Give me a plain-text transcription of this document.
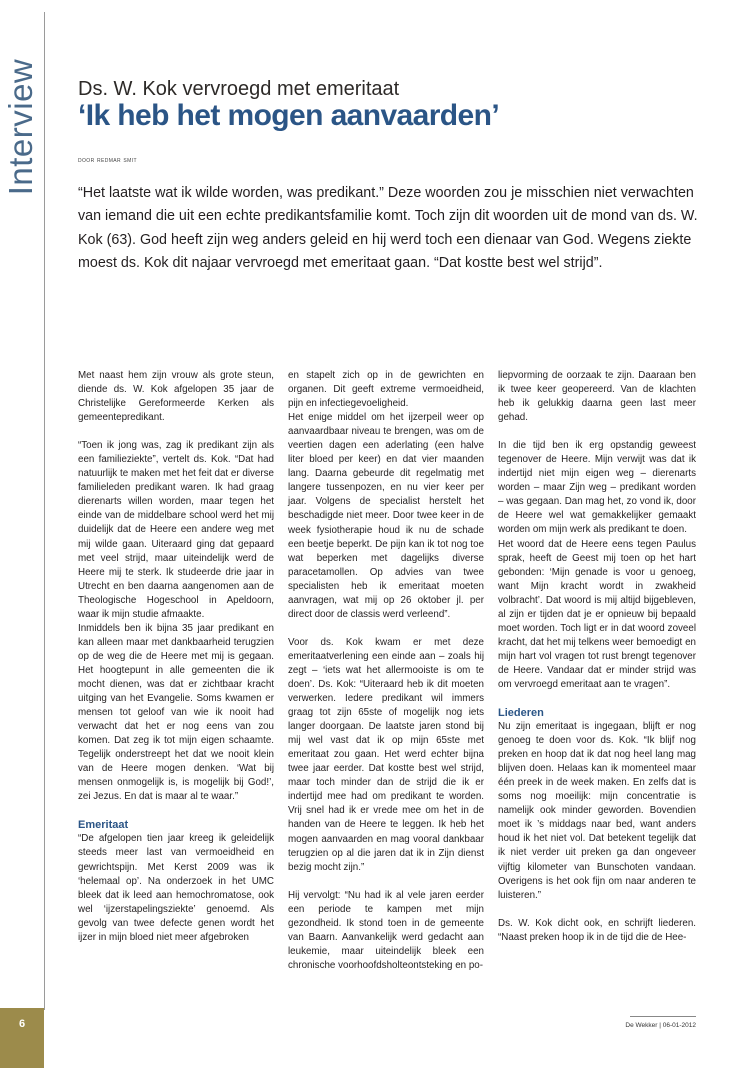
Interview Ds. W. Kok vervroegd met emeritaat
‘Ik heb het mogen aanvaarden’
door redmar smit
“Het laatste wat ik wilde worden, was predikant.” Deze woorden zou je misschien niet verwachten van iemand die uit een echte predikantsfamilie komt. Toch zijn dit woorden uit de mond van ds. W. Kok (63). God heeft zijn weg anders geleid en hij werd toch een dienaar van God. Wegens ziekte moest ds. Kok dit najaar vervroegd met emeritaat gaan. “Dat kostte best wel strijd”.

Met naast hem zijn vrouw als grote steun, diende ds. W. Kok afgelopen 35 jaar de Christelijke Gereformeerde Kerken als gemeentepredikant.

“Toen ik jong was, zag ik predikant zijn als een familieziekte”, vertelt ds. Kok. “Dat had natuurlijk te maken met het feit dat er diverse familieleden predikant waren. Ik had graag dierenarts willen worden, maar tegen het einde van de middelbare school werd het mij duidelijk dat de Heere een andere weg met mij wilde gaan. Uiteraard ging dat gepaard met veel strijd, maar uiteindelijk werd de Heere mij te sterk. Ik studeerde drie jaar in Utrecht en ben daarna aangenomen aan de Theologische Hogeschool in Apeldoorn, waar ik mijn studie afmaakte.

Inmiddels ben ik bijna 35 jaar predikant en kan alleen maar met dankbaarheid terugzien op de weg die de Heere met mij is gegaan. Het hoogtepunt in alle gemeenten die ik mocht dienen, was dat er zichtbaar kracht uitging van het Evangelie. Soms kwamen er mensen tot geloof van wie ik nooit had verwacht dat het er nog eens van zou komen. Dat zeg ik tot mijn eigen schaamte. Tegelijk onderstreept het dat we nooit klein van de Heere mogen denken. ‘Wat bij mensen onmogelijk is, is mogelijk bij God!’, zei Jezus. En dat is maar al te waar.”

Emeritaat

“De afgelopen tien jaar kreeg ik geleidelijk steeds meer last van vermoeidheid en gewrichtspijn. Met Kerst 2009 was ik ‘helemaal op’. Na onderzoek in het UMC bleek dat ik leed aan hemochromatose, ook wel ‘ijzerstapelingsziekte’ genoemd. Als gevolg van twee defecte genen wordt het ijzer in mijn bloed niet meer afgebroken

en stapelt zich op in de gewrichten en organen. Dit geeft extreme vermoeidheid, pijn en infectiegevoeligheid.

Het enige middel om het ijzerpeil weer op aanvaardbaar niveau te brengen, was om de veertien dagen een aderlating (een halve liter bloed per keer) en dat vier maanden lang. Daarna gebeurde dit regelmatig met langere tussenpozen, en nu vier keer per jaar. Volgens de specialist herstelt het beschadigde niet meer. Door twee keer in de week fysiotherapie houd ik nu de schade een beetje beperkt. De pijn kan ik tot nog toe wat beperken met dagelijks diverse paracetamollen. Op advies van twee specialisten heb ik emeritaat moeten aanvragen, wat mij op 26 oktober jl. per direct door de classis werd verleend”.

Voor ds. Kok kwam er met deze emeritaatverlening een einde aan – zoals hij zegt – ‘iets wat het allermooiste is om te doen’. Ds. Kok: “Uiteraard heb ik dit moeten verwerken. Iedere predikant wil immers graag tot zijn 65ste of mogelijk nog iets langer doorgaan. De laatste jaren stond bij mij wel vast dat ik op mijn 65ste met emeritaat zou gaan. Het werd echter bijna twee jaar eerder. Dat kostte best wel strijd, maar toch minder dan de strijd die ik er indertijd mee had om predikant te worden. Vrij snel had ik er vrede mee om het in de handen van de Heere te leggen. Ik heb het mogen aanvaarden en mag vooral dankbaar terugzien op al die jaren dat ik in Zijn dienst bezig mocht zijn.”

Hij vervolgt: “Nu had ik al vele jaren eerder een periode te kampen met mijn gezondheid. Ik stond toen in de gemeente van Baarn. Aanvankelijk werd gedacht aan leukemie, maar uiteindelijk bleek een chronische voorhoofdsholteontsteking en po-

liepvorming de oorzaak te zijn. Daaraan ben ik twee keer geopereerd. Van de klachten heb ik gelukkig daarna geen last meer gehad.

In die tijd ben ik erg opstandig geweest tegenover de Heere. Mijn verwijt was dat ik indertijd niet mijn eigen weg – dierenarts worden – maar Zijn weg – predikant worden – was gegaan. Dan mag het, zo vond ik, door de Heere wel wat gemakkelijker gemaakt worden om mijn werk als predikant te doen.

Het woord dat de Heere eens tegen Paulus sprak, heeft de Geest mij toen op het hart gebonden: ‘Mijn genade is voor u genoeg, want Mijn kracht wordt in zwakheid volbracht’. Dat woord is mij altijd bijgebleven, al zijn er tijden dat je er opnieuw bij bepaald moet worden. Toch ligt er in dat woord zoveel kracht, dat het mij telkens weer bemoedigt en mijn hart vol vragen tot rust brengt tegenover de Heere. Vandaar dat er minder strijd was om vervroegd emeritaat aan te vragen”.

Liederen

Nu zijn emeritaat is ingegaan, blijft er nog genoeg te doen voor ds. Kok. “Ik blijf nog preken en hoop dat ik dat nog heel lang mag blijven doen. Helaas kan ik momenteel maar één preek in de week maken. En zelfs dat is soms nog moeilijk: mijn concentratie is namelijk ook minder geworden. Bovendien moet ik ’s middags naar bed, want anders houd ik het niet vol. Dat betekent tegelijk dat ik niet verder uit preken ga dan ongeveer vijftig kilometer van Bunschoten vandaan. Overigens is het ook fijn om naar anderen te luisteren.”

Ds. W. Kok dicht ook, en schrijft liederen. “Naast preken hoop ik in de tijd die de Hee-

6	De Wekker | 06-01-2012
